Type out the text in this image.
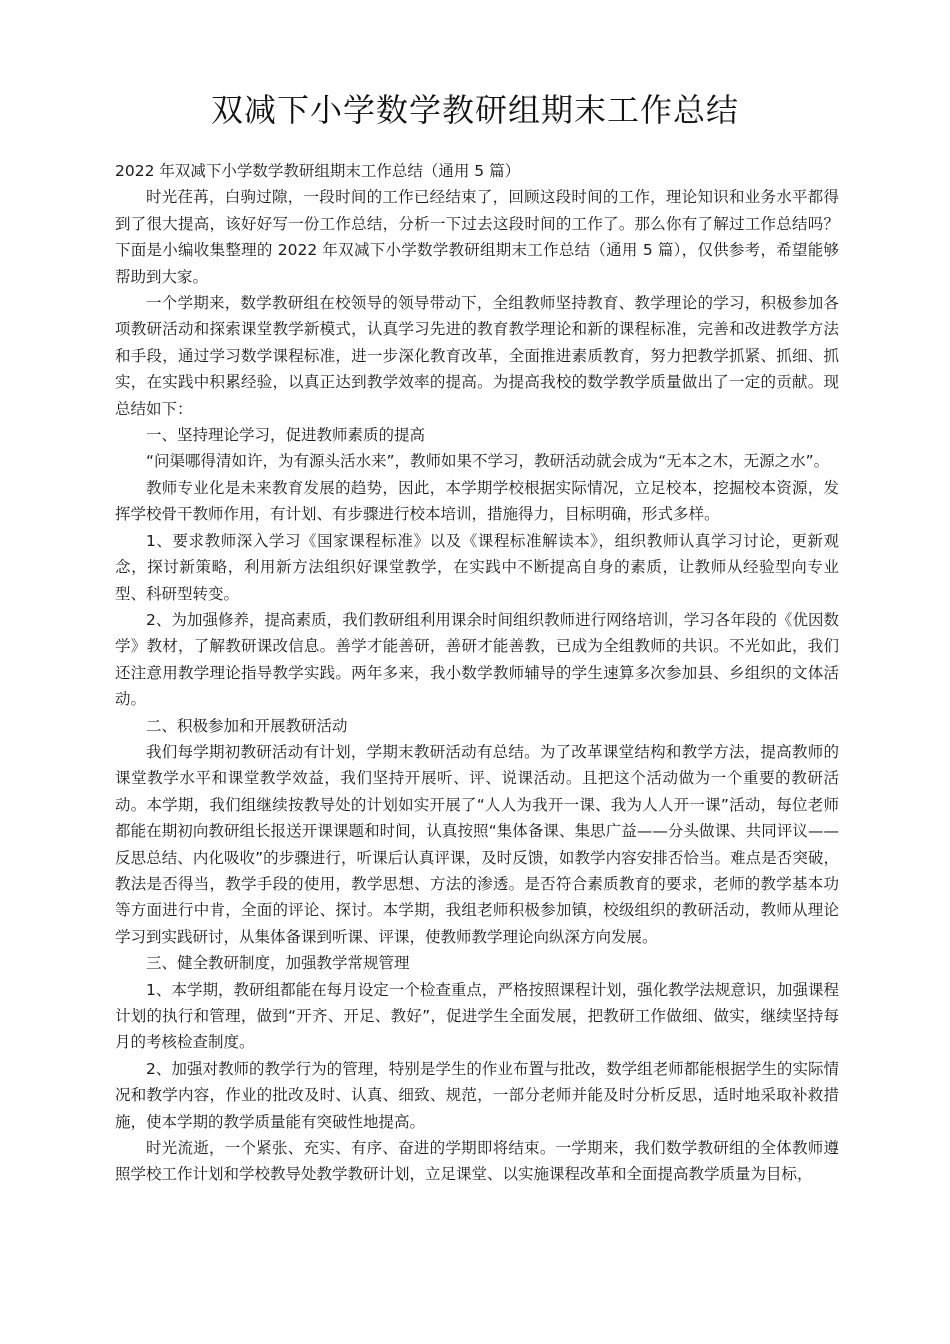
双减下小学数学教研组期末工作总结

2022 年双减下小学数学教研组期末工作总结（通用 5 篇）

时光荏苒，白驹过隙，一段时间的工作已经结束了，回顾这段时间的工作，理论知识和业务水平都得到了很大提高，该好好写一份工作总结，分析一下过去这段时间的工作了。那么你有了解过工作总结吗？下面是小编收集整理的 2022 年双减下小学数学教研组期末工作总结（通用 5 篇），仅供参考，希望能够帮助到大家。

一个学期来，数学教研组在校领导的领导带动下，全组教师坚持教育、教学理论的学习，积极参加各项教研活动和探索课堂教学新模式，认真学习先进的教育教学理论和新的课程标准，完善和改进教学方法和手段，通过学习数学课程标准，进一步深化教育改革，全面推进素质教育，努力把教学抓紧、抓细、抓实，在实践中积累经验，以真正达到教学效率的提高。为提高我校的数学教学质量做出了一定的贡献。现总结如下：

一、坚持理论学习，促进教师素质的提高

“问渠哪得清如许，为有源头活水来”，教师如果不学习，教研活动就会成为“无本之木，无源之水”。

教师专业化是未来教育发展的趋势，因此，本学期学校根据实际情况，立足校本，挖掘校本资源，发挥学校骨干教师作用，有计划、有步骤进行校本培训，措施得力，目标明确，形式多样。

1、要求教师深入学习《国家课程标准》以及《课程标准解读本》，组织教师认真学习讨论，更新观念，探讨新策略，利用新方法组织好课堂教学，在实践中不断提高自身的素质，让教师从经验型向专业型、科研型转变。

2、为加强修养，提高素质，我们教研组利用课余时间组织教师进行网络培训，学习各年段的《优因数学》教材，了解教研课改信息。善学才能善研，善研才能善教，已成为全组教师的共识。不光如此，我们还注意用教学理论指导教学实践。两年多来，我小数学教师辅导的学生速算多次参加县、乡组织的文体活动。

二、积极参加和开展教研活动

我们每学期初教研活动有计划，学期末教研活动有总结。为了改革课堂结构和教学方法，提高教师的课堂教学水平和课堂教学效益，我们坚持开展听、评、说课活动。且把这个活动做为一个重要的教研活动。本学期，我们组继续按教导处的计划如实开展了“人人为我开一课、我为人人开一课”活动，每位老师都能在期初向教研组长报送开课课题和时间，认真按照“集体备课、集思广益——分头做课、共同评议——反思总结、内化吸收”的步骤进行，听课后认真评课，及时反馈，如教学内容安排否恰当。难点是否突破，教法是否得当，教学手段的使用，教学思想、方法的渗透。是否符合素质教育的要求，老师的教学基本功等方面进行中肯，全面的评论、探讨。本学期，我组老师积极参加镇，校级组织的教研活动，教师从理论学习到实践研讨，从集体备课到听课、评课，使教师教学理论向纵深方向发展。

三、健全教研制度，加强教学常规管理

1、本学期，教研组都能在每月设定一个检查重点，严格按照课程计划，强化教学法规意识，加强课程计划的执行和管理，做到“开齐、开足、教好”，促进学生全面发展，把教研工作做细、做实，继续坚持每月的考核检查制度。

2、加强对教师的教学行为的管理，特别是学生的作业布置与批改，数学组老师都能根据学生的实际情况和教学内容，作业的批改及时、认真、细致、规范，一部分老师并能及时分析反思，适时地采取补救措施，使本学期的教学质量能有突破性地提高。

时光流逝，一个紧张、充实、有序、奋进的学期即将结束。一学期来，我们数学教研组的全体教师遵照学校工作计划和学校教导处教学教研计划，立足课堂、以实施课程改革和全面提高教学质量为目标，
